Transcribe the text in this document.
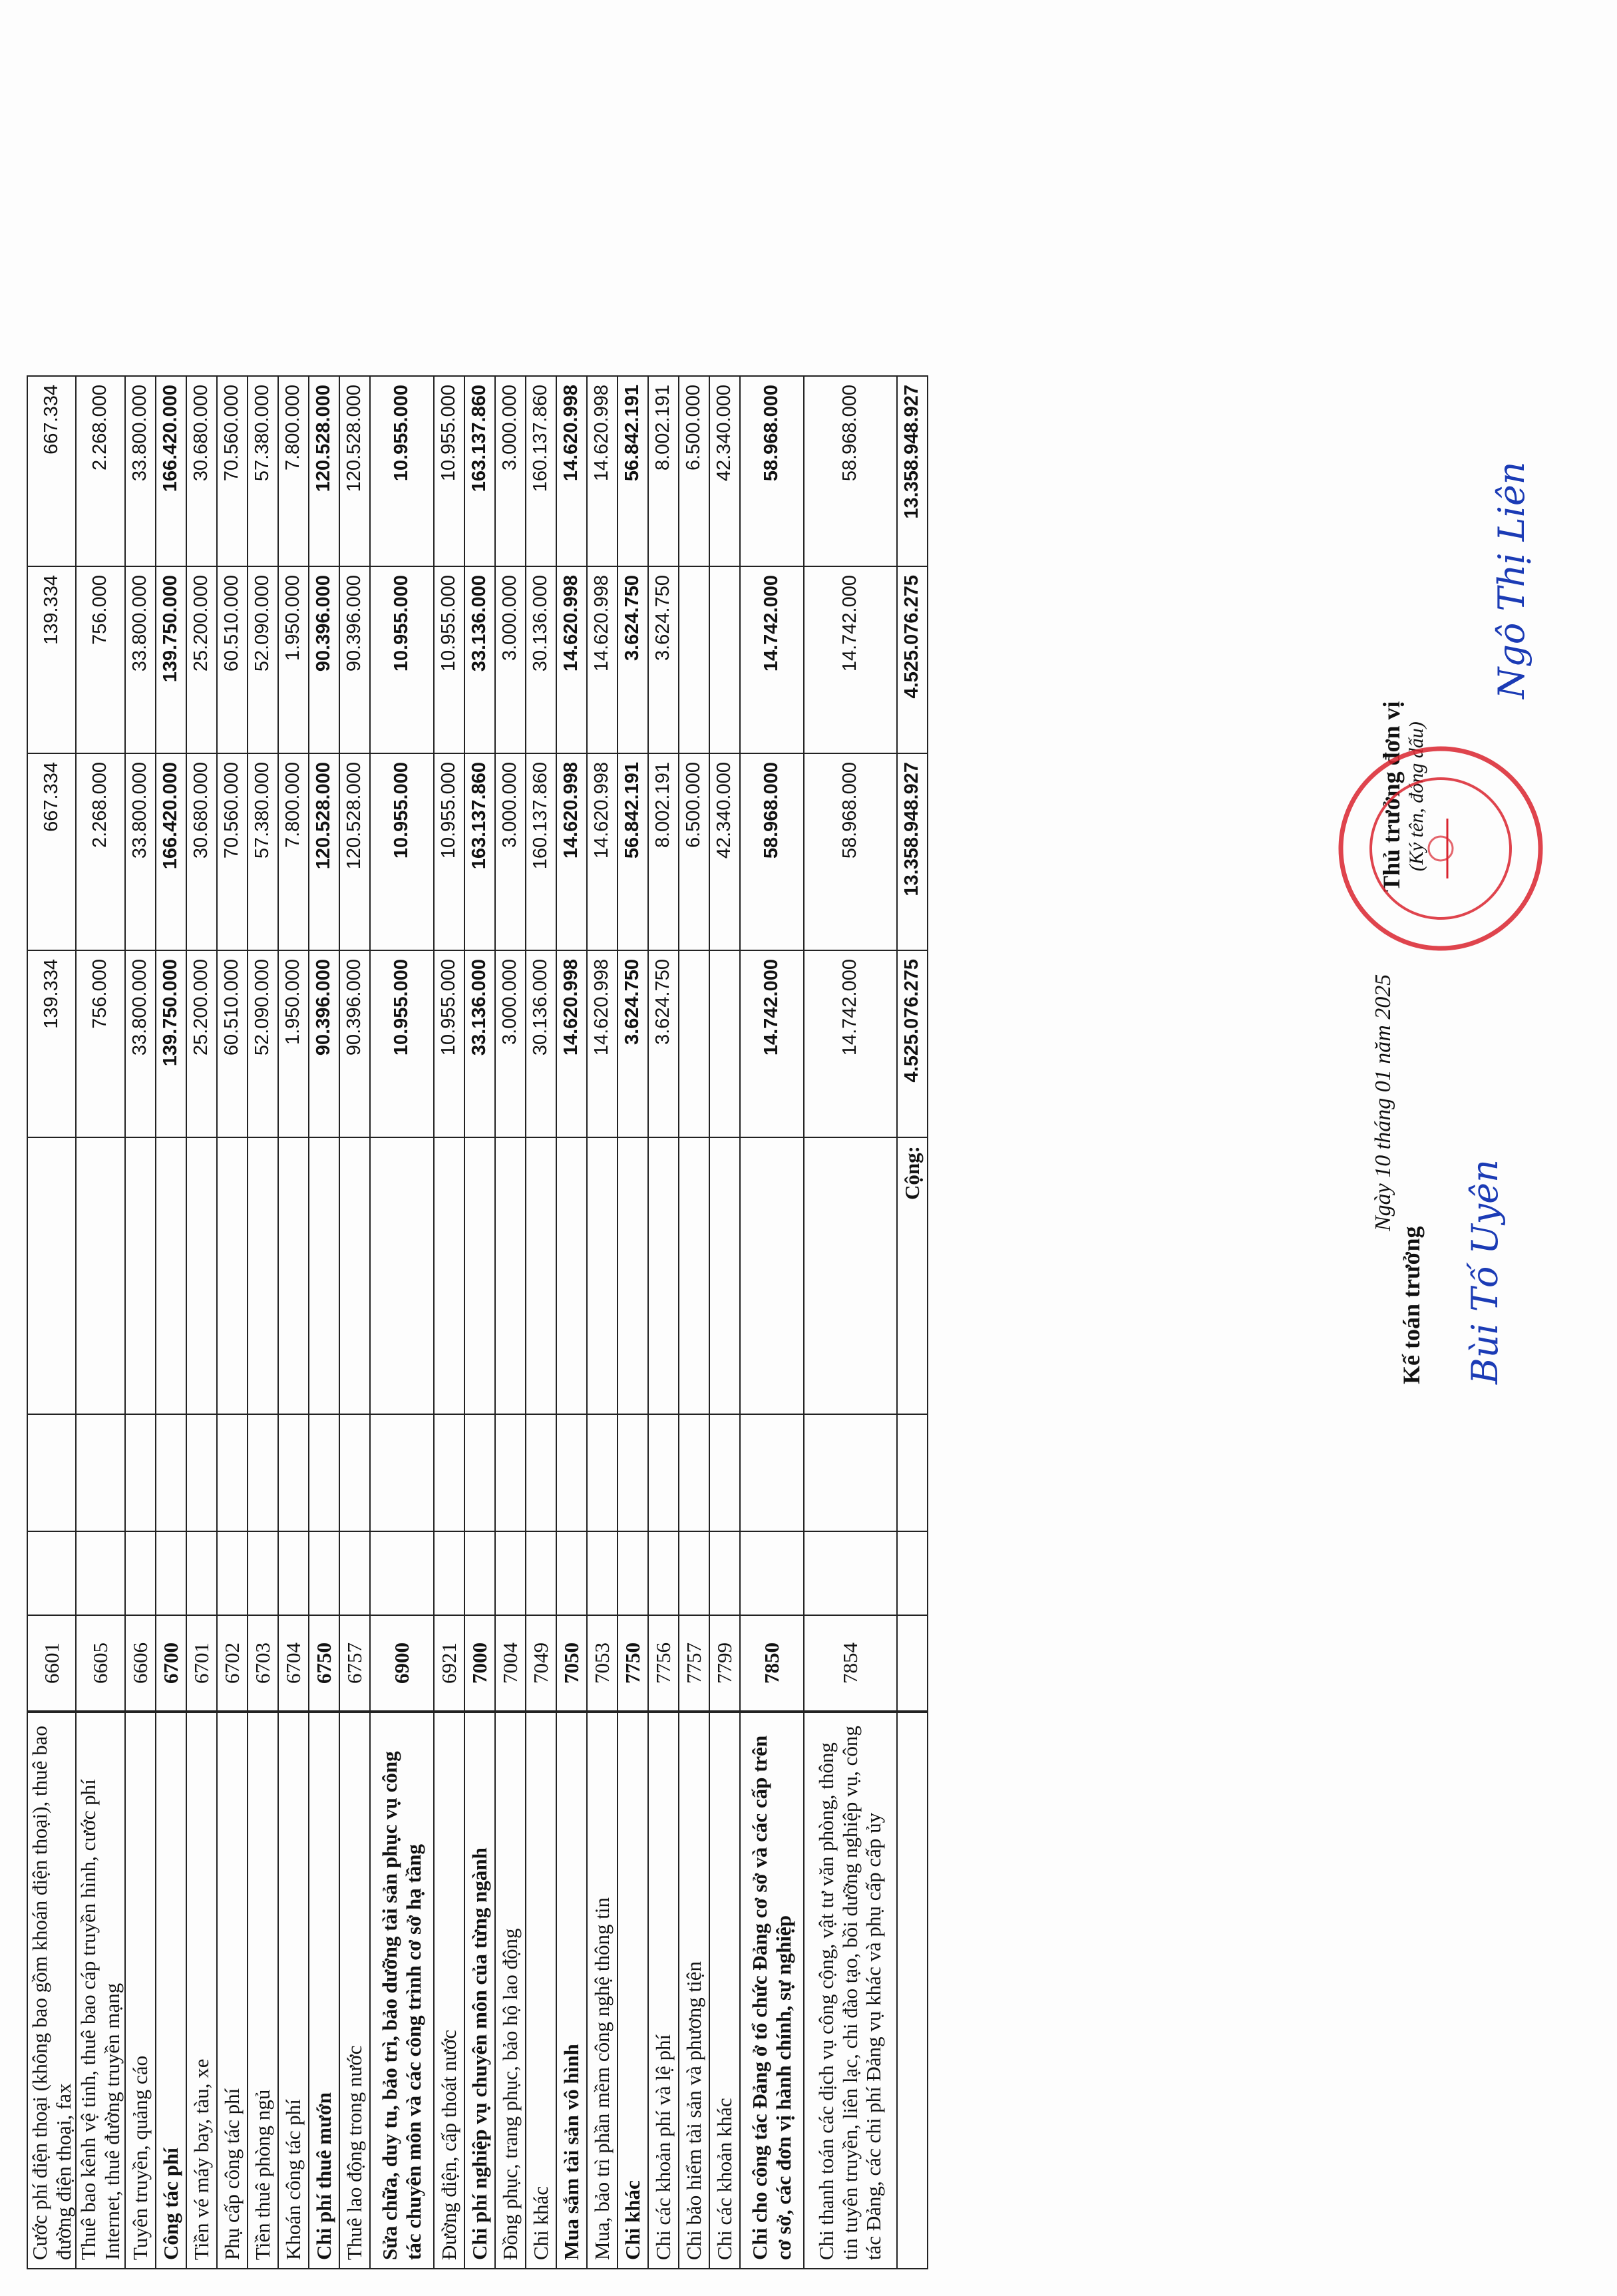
Cước phí điện thoại (không bao gồm khoán điện thoại), thuê bao đường điện thoại, fax		6601				139.334	667.334	139.334	667.334
Thuê bao kênh vệ tinh, thuê bao cáp truyền hình, cước phí Internet, thuê đường truyền mạng		6605				756.000	2.268.000	756.000	2.268.000
Tuyên truyền, quảng cáo		6606				33.800.000	33.800.000	33.800.000	33.800.000
Công tác phí		6700				139.750.000	166.420.000	139.750.000	166.420.000
Tiền vé máy bay, tàu, xe		6701				25.200.000	30.680.000	25.200.000	30.680.000
Phụ cấp công tác phí		6702				60.510.000	70.560.000	60.510.000	70.560.000
Tiền thuê phòng ngủ		6703				52.090.000	57.380.000	52.090.000	57.380.000
Khoán công tác phí		6704				1.950.000	7.800.000	1.950.000	7.800.000
Chi phí thuê mướn		6750				90.396.000	120.528.000	90.396.000	120.528.000
Thuê lao động trong nước		6757				90.396.000	120.528.000	90.396.000	120.528.000
Sửa chữa, duy tu, bảo trì, bảo dưỡng tài sản phục vụ công tác chuyên môn và các công trình cơ sở hạ tầng		6900				10.955.000	10.955.000	10.955.000	10.955.000
Đường điện, cấp thoát nước		6921				10.955.000	10.955.000	10.955.000	10.955.000
Chi phí nghiệp vụ chuyên môn của từng ngành		7000				33.136.000	163.137.860	33.136.000	163.137.860
Đồng phục, trang phục, bảo hộ lao động		7004				3.000.000	3.000.000	3.000.000	3.000.000
Chi khác		7049				30.136.000	160.137.860	30.136.000	160.137.860
Mua sắm tài sản vô hình		7050				14.620.998	14.620.998	14.620.998	14.620.998
Mua, bảo trì phần mềm công nghệ thông tin		7053				14.620.998	14.620.998	14.620.998	14.620.998
Chi khác		7750				3.624.750	56.842.191	3.624.750	56.842.191
Chi các khoản phí và lệ phí		7756				3.624.750	8.002.191	3.624.750	8.002.191
Chi bảo hiểm tài sản và phương tiện		7757					6.500.000		6.500.000
Chi các khoản khác		7799					42.340.000		42.340.000
Chi cho công tác Đảng ở tổ chức Đảng cơ sở và các cấp trên cơ sở, các đơn vị hành chính, sự nghiệp		7850				14.742.000	58.968.000	14.742.000	58.968.000
Chi thanh toán các dịch vụ công cộng, vật tư văn phòng, thông tin tuyên truyền, liên lạc, chi đào tạo, bồi dưỡng nghiệp vụ, công tác Đảng, các chi phí Đảng vụ khác và phụ cấp cấp ủy		7854				14.742.000	58.968.000	14.742.000	58.968.000
					Cộng:	4.525.076.275	13.358.948.927	4.525.076.275	13.358.948.927
Ngày 10 tháng 01 năm 2025
Kế toán trưởng
Thủ trưởng đơn vị (Ký tên, đóng dấu)
Bùi Tố Uyên
Ngô Thị Liên
